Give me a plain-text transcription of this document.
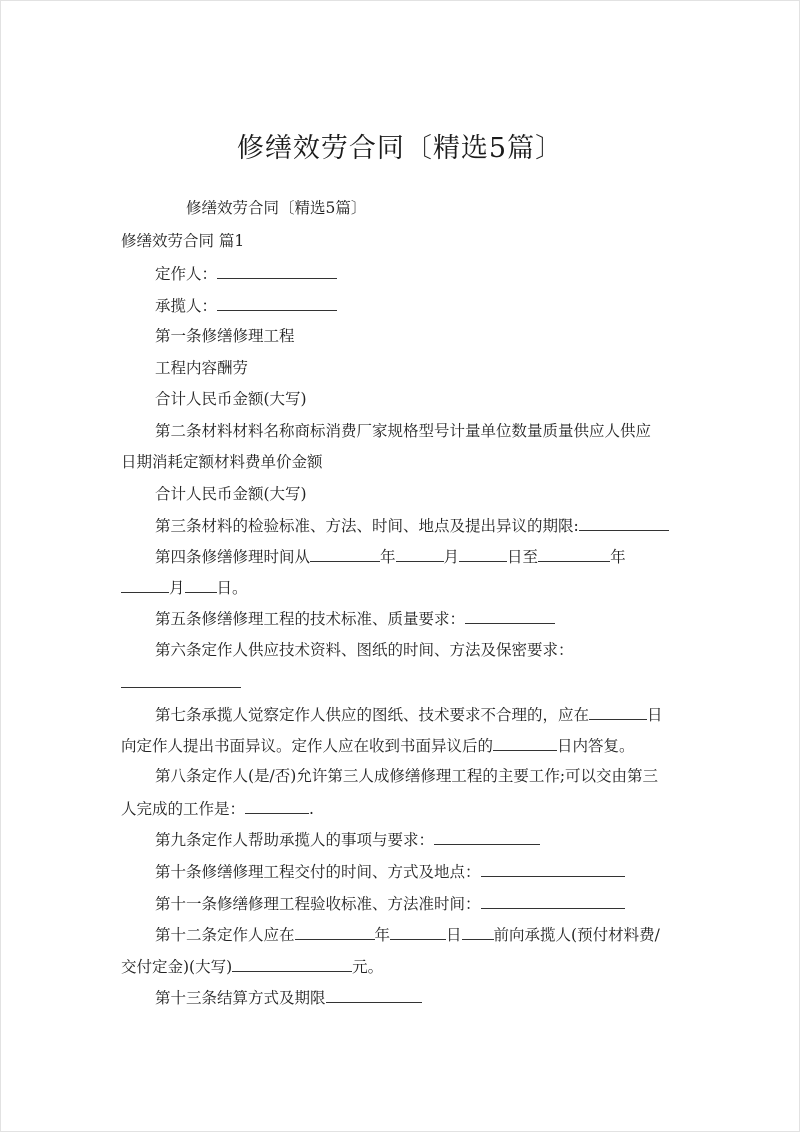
修缮效劳合同〔精选5篇〕
修缮效劳合同〔精选5篇〕
修缮效劳合同 篇1
定作人：
承揽人：
第一条修缮修理工程
工程内容酬劳
合计人民币金额(大写)
第二条材料材料名称商标消费厂家规格型号计量单位数量质量供应人供应
日期消耗定额材料费单价金额
合计人民币金额(大写)
第三条材料的检验标准、方法、时间、地点及提出异议的期限:
第四条修缮修理时间从	年	月	日至	年
月 日。
第五条修缮修理工程的技术标准、质量要求：
第六条定作人供应技术资料、图纸的时间、方法及保密要求：
第七条承揽人觉察定作人供应的图纸、技术要求不合理的，应在	日
向定作人提出书面异议。定作人应在收到书面异议后的	日内答复。
第八条定作人(是/否)允许第三人成修缮修理工程的主要工作;可以交由第三
人完成的工作是：	.
第九条定作人帮助承揽人的事项与要求：
第十条修缮修理工程交付的时间、方式及地点：
第十一条修缮修理工程验收标准、方法准时间：
第十二条定作人应在	年	日 前向承揽人(预付材料费/
交付定金)(大写)	元。
第十三条结算方式及期限
